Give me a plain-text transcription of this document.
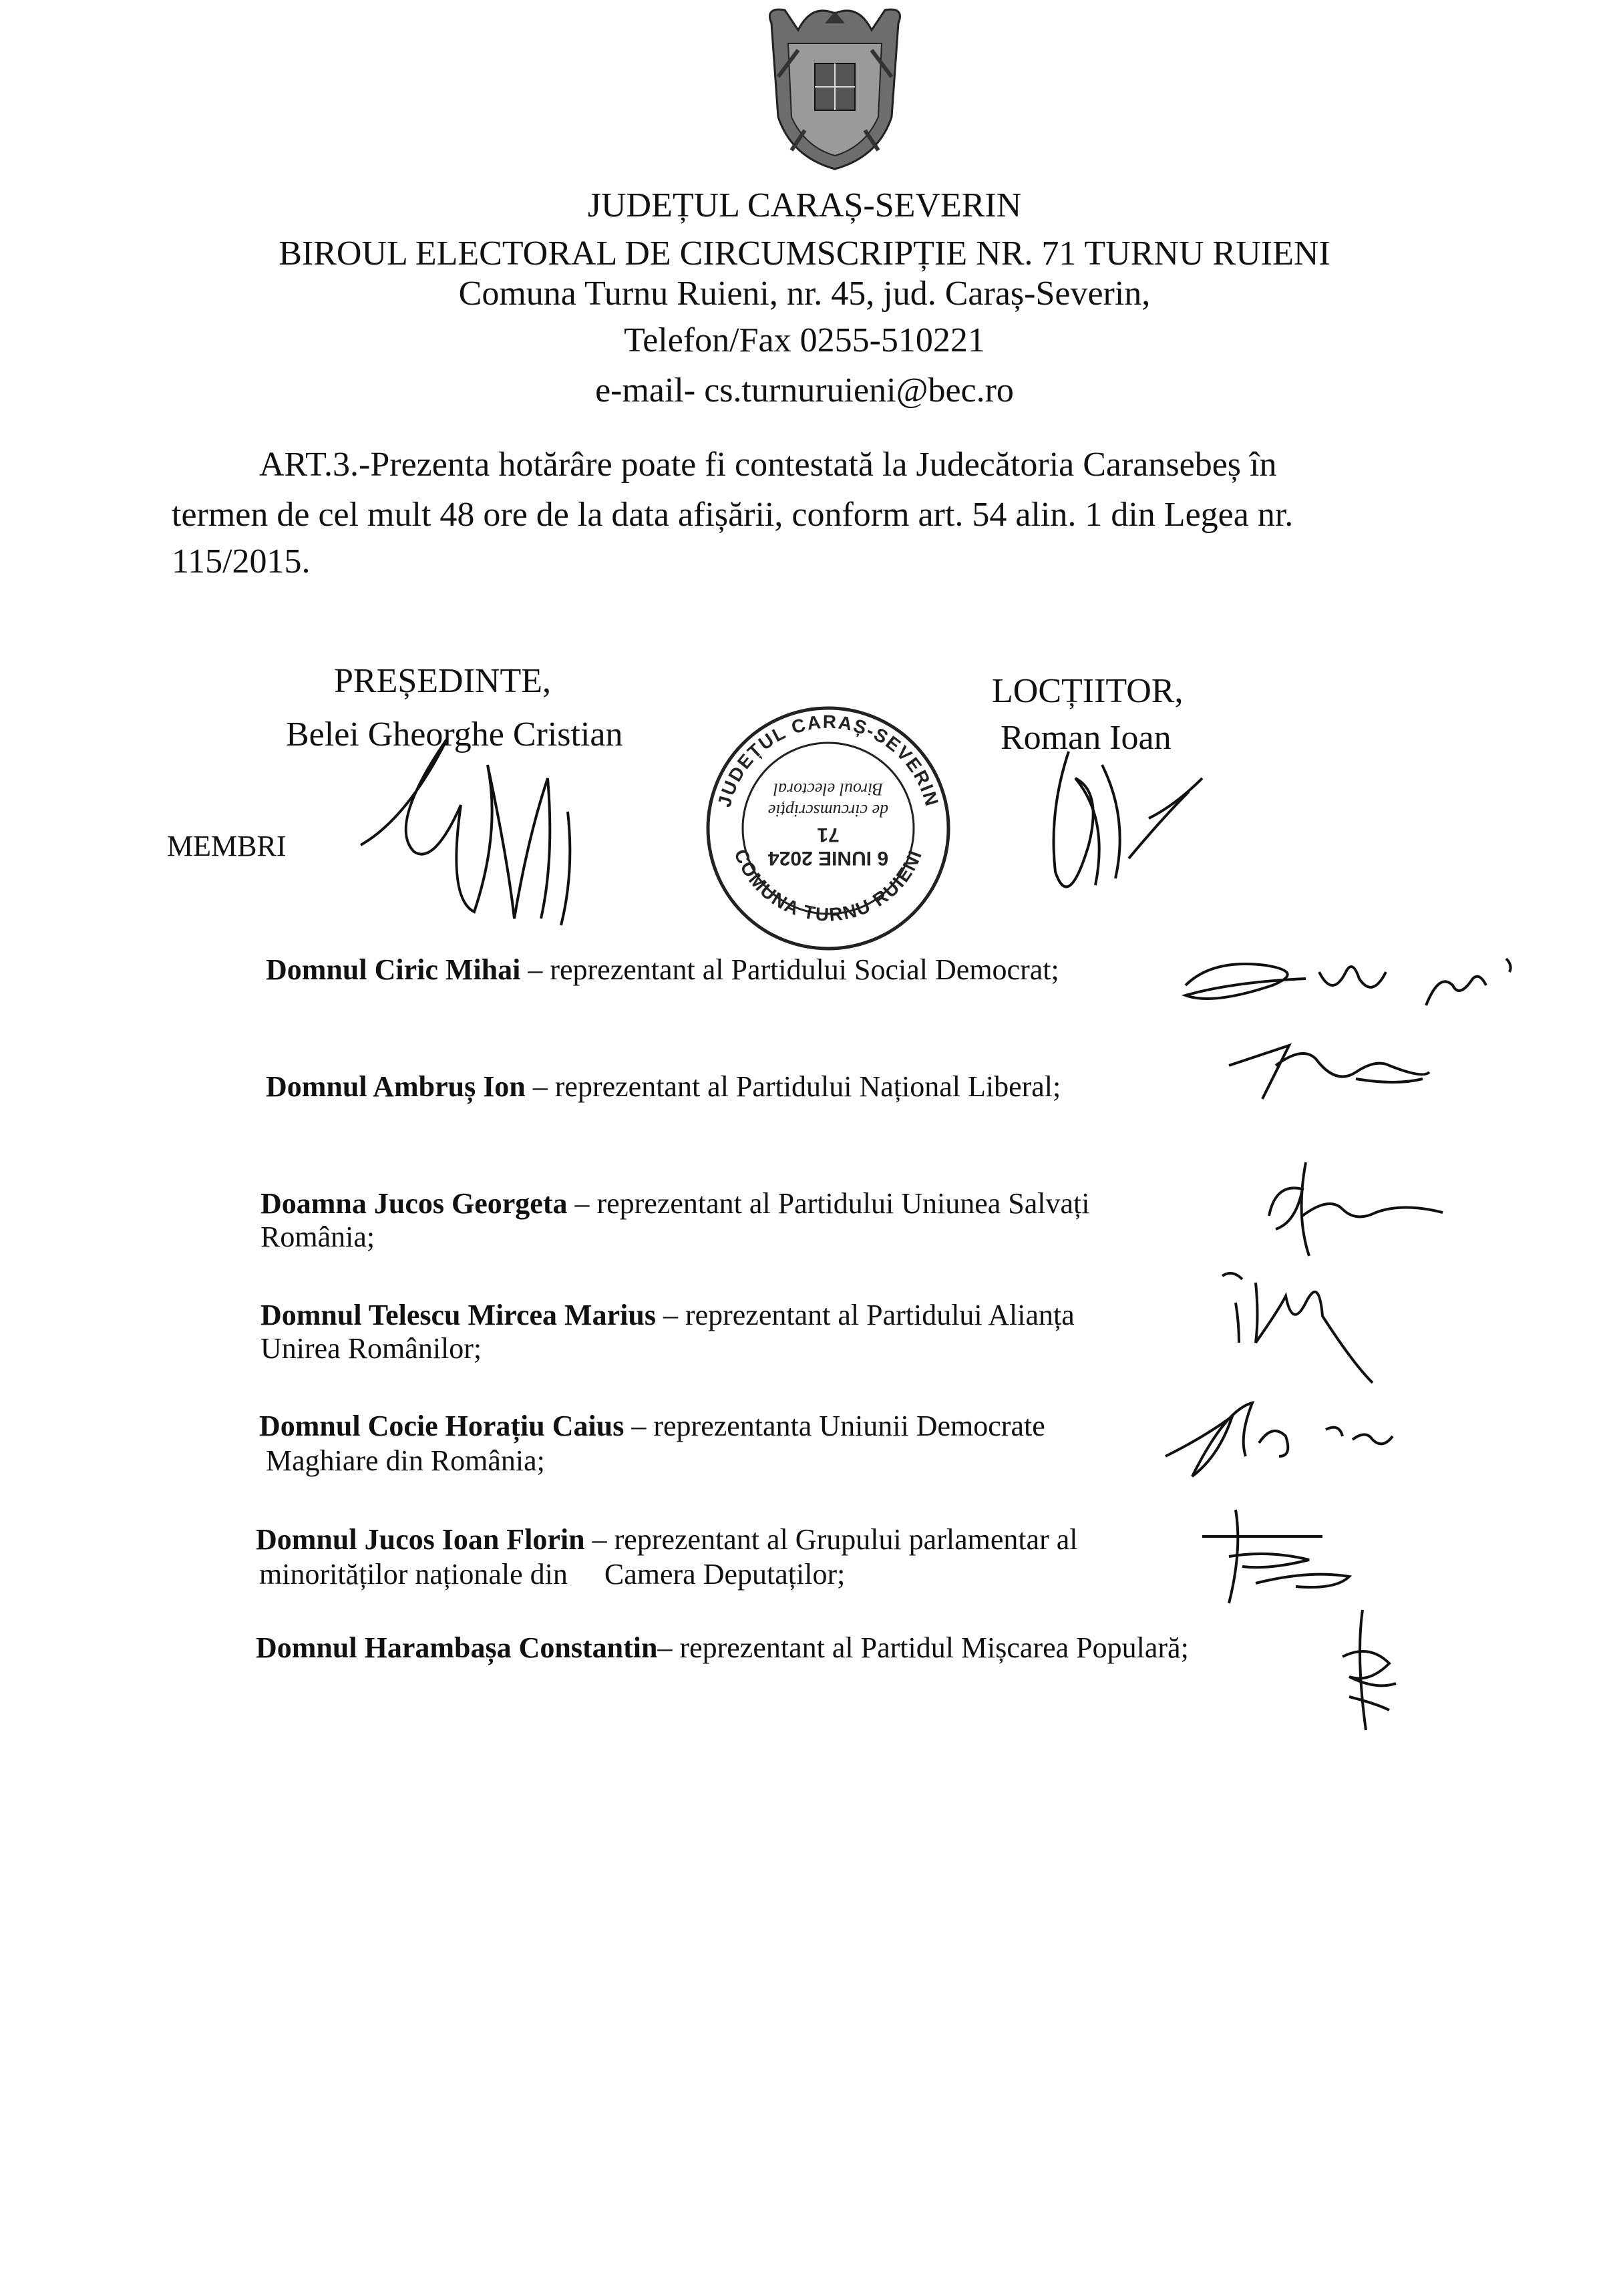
JUDEȚUL CARAȘ-SEVERIN
BIROUL ELECTORAL DE CIRCUMSCRIPȚIE NR. 71 TURNU RUIENI
Comuna Turnu Ruieni, nr. 45, jud. Caraș-Severin,
Telefon/Fax 0255-510221
e-mail- cs.turnuruieni@bec.ro
ART.3.-Prezenta hotărâre poate fi contestată la Judecătoria Caransebeș în
termen de cel mult 48 ore de la data afișării, conform art. 54 alin. 1 din Legea nr.
115/2015.
PREȘEDINTE,
Belei Gheorghe Cristian
LOCȚIITOR,
Roman Ioan
MEMBRI
JUDEȚUL CARAȘ-SEVERIN
COMUNA TURNU RUIENI
6 IUNIE 2024
71
de circumscripție
Biroul electoral
Domnul Ciric Mihai – reprezentant al Partidului Social Democrat;
Domnul Ambruș Ion – reprezentant al Partidului Național Liberal;
Doamna Jucos Georgeta – reprezentant al Partidului Uniunea Salvați
România;
Domnul Telescu Mircea Marius – reprezentant al Partidului Alianța
Unirea Românilor;
Domnul Cocie Horațiu Caius – reprezentanta Uniunii Democrate
Maghiare din România;
Domnul Jucos Ioan Florin – reprezentant al Grupului parlamentar al
minorităților naționale din     Camera Deputaților;
Domnul Harambașa Constantin– reprezentant al Partidul Mișcarea Populară;
